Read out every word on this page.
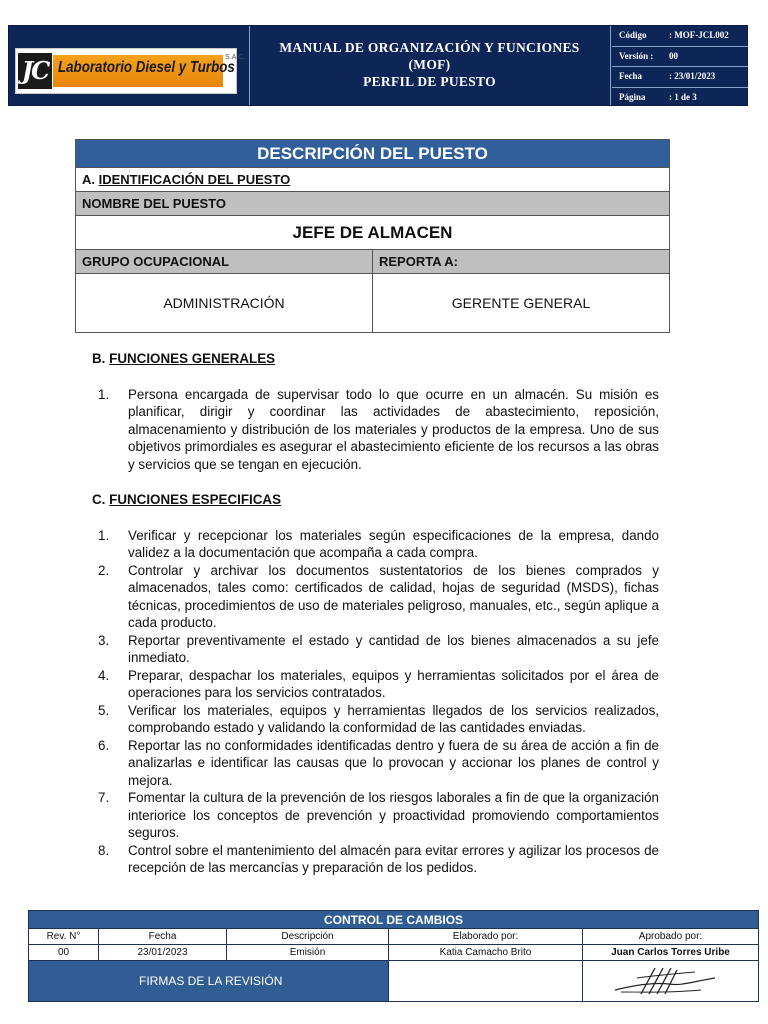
JC Laboratorio Diesel y Turbos
S.A.C.
MANUAL DE ORGANIZACIÓN Y FUNCIONES
(MOF)
PERFIL DE PUESTO
Código : MOF-JCL002
Versión : 00
Fecha	: 23/01/2023
Página	: 1 de 3
DESCRIPCIÓN DEL PUESTO	
A. IDENTIFICACIÓN DEL PUESTO	
NOMBRE DEL PUESTO	
JEFE DE ALMACEN	
GRUPO OCUPACIONAL	REPORTA A:
ADMINISTRACIÓN	GERENTE GENERAL

B. FUNCIONES GENERALES

1. Persona encargada de supervisar todo lo que ocurre en un almacén. Su misión es planificar, dirigir y coordinar las actividades de abastecimiento, reposición, almacenamiento y distribución de los materiales y productos de la empresa. Uno de sus objetivos primordiales es asegurar el abastecimiento eficiente de los recursos a las obras y servicios que se tengan en ejecución.

C. FUNCIONES ESPECIFICAS

1. Verificar y recepcionar los materiales según especificaciones de la empresa, dando validez a la documentación que acompaña a cada compra.
2. Controlar y archivar los documentos sustentatorios de los bienes comprados y almacenados, tales como: certificados de calidad, hojas de seguridad (MSDS), fichas técnicas, procedimientos de uso de materiales peligroso, manuales, etc., según aplique a cada producto.
3. Reportar preventivamente el estado y cantidad de los bienes almacenados a su jefe inmediato.
4. Preparar, despachar los materiales, equipos y herramientas solicitados por el área de operaciones para los servicios contratados.
5. Verificar los materiales, equipos y herramientas llegados de los servicios realizados, comprobando estado y validando la conformidad de las cantidades enviadas.
6. Reportar las no conformidades identificadas dentro y fuera de su área de acción a fin de analizarlas e identificar las causas que lo provocan y accionar los planes de control y mejora.
7. Fomentar la cultura de la prevención de los riesgos laborales a fin de que la organización interiorice los conceptos de prevención y proactividad promoviendo comportamientos seguros.
8. Control sobre el mantenimiento del almacén para evitar errores y agilizar los procesos de recepción de las mercancías y preparación de los pedidos.
CONTROL DE CAMBIOS				
Rev. N°	Fecha	Descripción	Elaborado por:	Aprobado por:
00	23/01/2023	Emisión	Katia Camacho Brito	Juan Carlos Torres Uribe
FIRMAS DE LA REVISIÓN				
